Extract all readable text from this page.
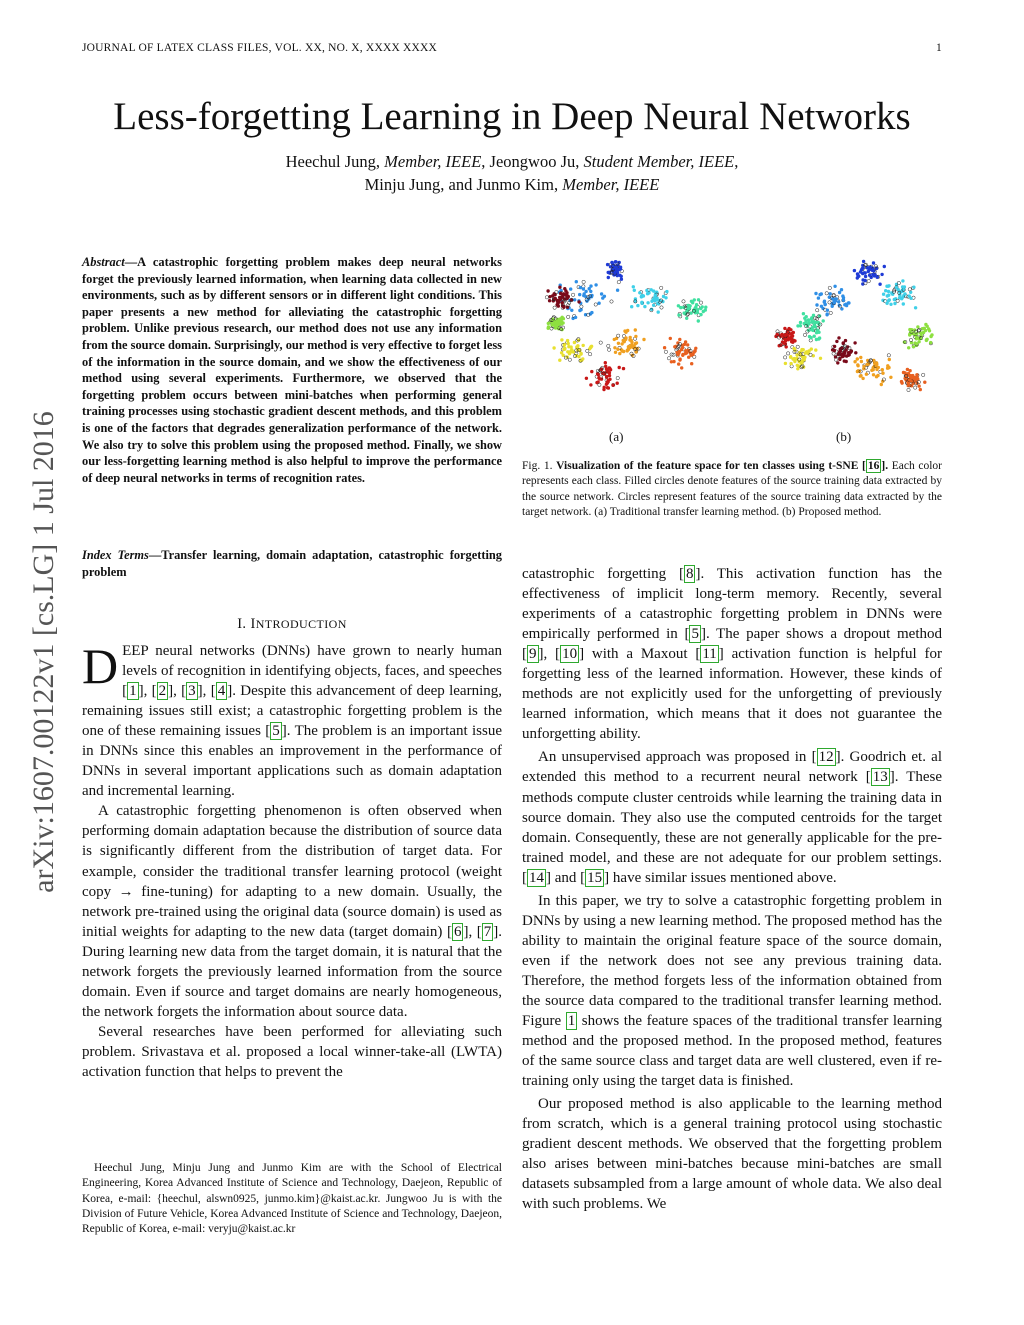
JOURNAL OF LATEX CLASS FILES, VOL. XX, NO. X, XXXX XXXX	1
arXiv:1607.00122v1 [cs.LG] 1 Jul 2016
Less-forgetting Learning in Deep Neural Networks
Heechul Jung, Member, IEEE, Jeongwoo Ju, Student Member, IEEE,
Minju Jung, and Junmo Kim, Member, IEEE
Abstract—A catastrophic forgetting problem makes deep neural networks forget the previously learned information, when learning data collected in new environments, such as by different sensors or in different light conditions. This paper presents a new method for alleviating the catastrophic forgetting problem. Unlike previous research, our method does not use any information from the source domain. Surprisingly, our method is very effective to forget less of the information in the source domain, and we show the effectiveness of our method using several experiments. Furthermore, we observed that the forgetting problem occurs between mini-batches when performing general training processes using stochastic gradient descent methods, and this problem is one of the factors that degrades generalization performance of the network. We also try to solve this problem using the proposed method. Finally, we show our less-forgetting learning method is also helpful to improve the performance of deep neural networks in terms of recognition rates.
Index Terms—Transfer learning, domain adaptation, catastrophic forgetting problem
I. INTRODUCTION

DEEP neural networks (DNNs) have grown to nearly human levels of recognition in identifying objects, faces, and speeches [ 1 ], [ 2 ], [ 3 ], [ 4 ]. Despite this advancement of deep learning, remaining issues still exist; a catastrophic forgetting problem is the one of these remaining issues [ 5 ]. The problem is an important issue in DNNs since this enables an improvement in the performance of DNNs in several important applications such as domain adaptation and incremental learning.

A catastrophic forgetting phenomenon is often observed when performing domain adaptation because the distribution of source data is significantly different from the distribution of target data. For example, consider the traditional transfer learning protocol (weight copy → fine-tuning) for adapting to a new domain. Usually, the network pre-trained using the original data (source domain) is used as initial weights for adapting to the new data (target domain) [ 6 ], [ 7 ]. During learning new data from the target domain, it is natural that the network forgets the previously learned information from the source domain. Even if source and target domains are nearly homogeneous, the network forgets the information about source data.

Several researches have been performed for alleviating such problem. Srivastava et al. proposed a local winner-take-all (LWTA) activation function that helps to prevent the

Heechul Jung, Minju Jung and Junmo Kim are with the School of Electrical Engineering, Korea Advanced Institute of Science and Technology, Daejeon, Republic of Korea, e-mail: {heechul, alswn0925, junmo.kim}@kaist.ac.kr. Jungwoo Ju is with the Division of Future Vehicle, Korea Advanced Institute of Science and Technology, Daejeon, Republic of Korea, e-mail: veryju@kaist.ac.kr

(a)	(b)
Fig. 1. Visualization of the feature space for ten classes using t-SNE [ 16 ]. Each color represents each class. Filled circles denote features of the source training data extracted by the source network. Circles represent features of the source training data extracted by the target network. (a) Traditional transfer learning method. (b) Proposed method.

catastrophic forgetting [ 8 ]. This activation function has the effectiveness of implicit long-term memory. Recently, several experiments of a catastrophic forgetting problem in DNNs were empirically performed in [ 5 ]. The paper shows a dropout method [ 9 ], [ 10 ] with a Maxout [ 11 ] activation function is helpful for forgetting less of the learned information. However, these kinds of methods are not explicitly used for the unforgetting of previously learned information, which means that it does not guarantee the unforgetting ability.

An unsupervised approach was proposed in [ 12 ]. Goodrich et. al extended this method to a recurrent neural network [ 13 ]. These methods compute cluster centroids while learning the training data in source domain. They also use the computed centroids for the target domain. Consequently, these are not generally applicable for the pre-trained model, and these are not adequate for our problem settings. [ 14 ] and [ 15 ] have similar issues mentioned above.

In this paper, we try to solve a catastrophic forgetting problem in DNNs by using a new learning method. The proposed method has the ability to maintain the original feature space of the source domain, even if the network does not see any previous training data. Therefore, the method forgets less of the information obtained from the source data compared to the traditional transfer learning method. Figure 1 shows the feature spaces of the traditional transfer learning method and the proposed method. In the proposed method, features of the same source class and target data are well clustered, even if re-training only using the target data is finished.

Our proposed method is also applicable to the learning method from scratch, which is a general training protocol using stochastic gradient descent methods. We observed that the forgetting problem also arises between mini-batches because mini-batches are small datasets subsampled from a large amount of whole data. We also deal with such problems. We
